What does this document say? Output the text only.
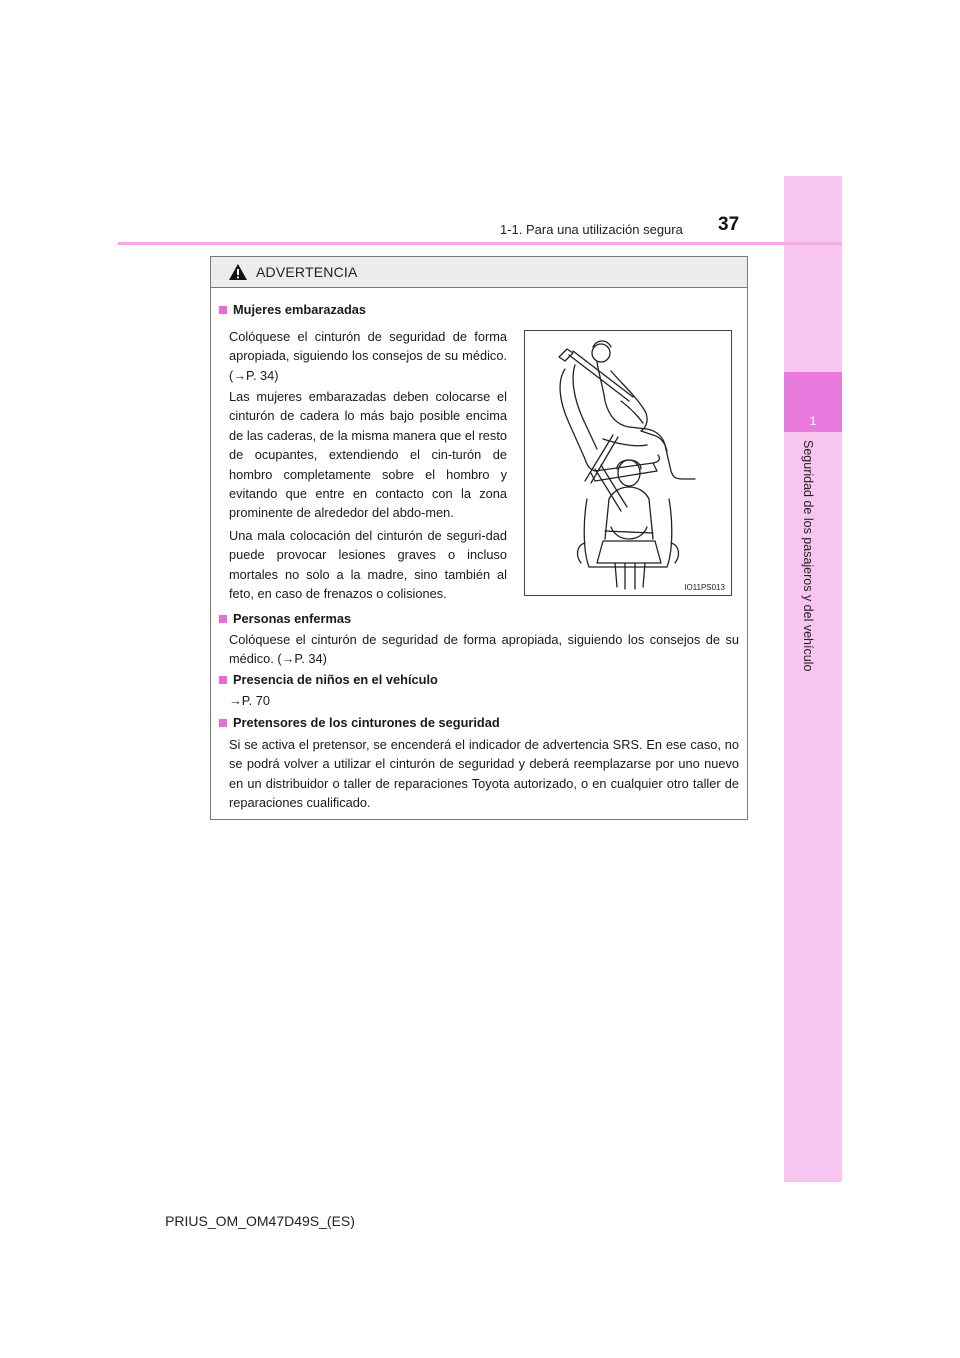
1
Seguridad de los pasajeros y del vehículo
1-1. Para una utilización segura 37
ADVERTENCIA
Mujeres embarazadas

Colóquese el cinturón de seguridad de forma apropiada, siguiendo los consejos de su médico. (→P. 34)

Las mujeres embarazadas deben colocarse el cinturón de cadera lo más bajo posible encima de las caderas, de la misma manera que el resto de ocupantes, extendiendo el cin-turón de hombro completamente sobre el hombro y evitando que entre en contacto con la zona prominente de alrededor del abdo-men.

Una mala colocación del cinturón de seguri-dad puede provocar lesiones graves o incluso mortales no solo a la madre, sino también al feto, en caso de frenazos o colisiones.	IO11PS013
Personas enfermas

Colóquese el cinturón de seguridad de forma apropiada, siguiendo los consejos de su médico. (→P. 34)

Presencia de niños en el vehículo

→P. 70

Pretensores de los cinturones de seguridad

Si se activa el pretensor, se encenderá el indicador de advertencia SRS. En ese caso, no se podrá volver a utilizar el cinturón de seguridad y deberá reemplazarse por uno nuevo en un distribuidor o taller de reparaciones Toyota autorizado, o en cualquier otro taller de reparaciones cualificado.

PRIUS_OM_OM47D49S_(ES)
